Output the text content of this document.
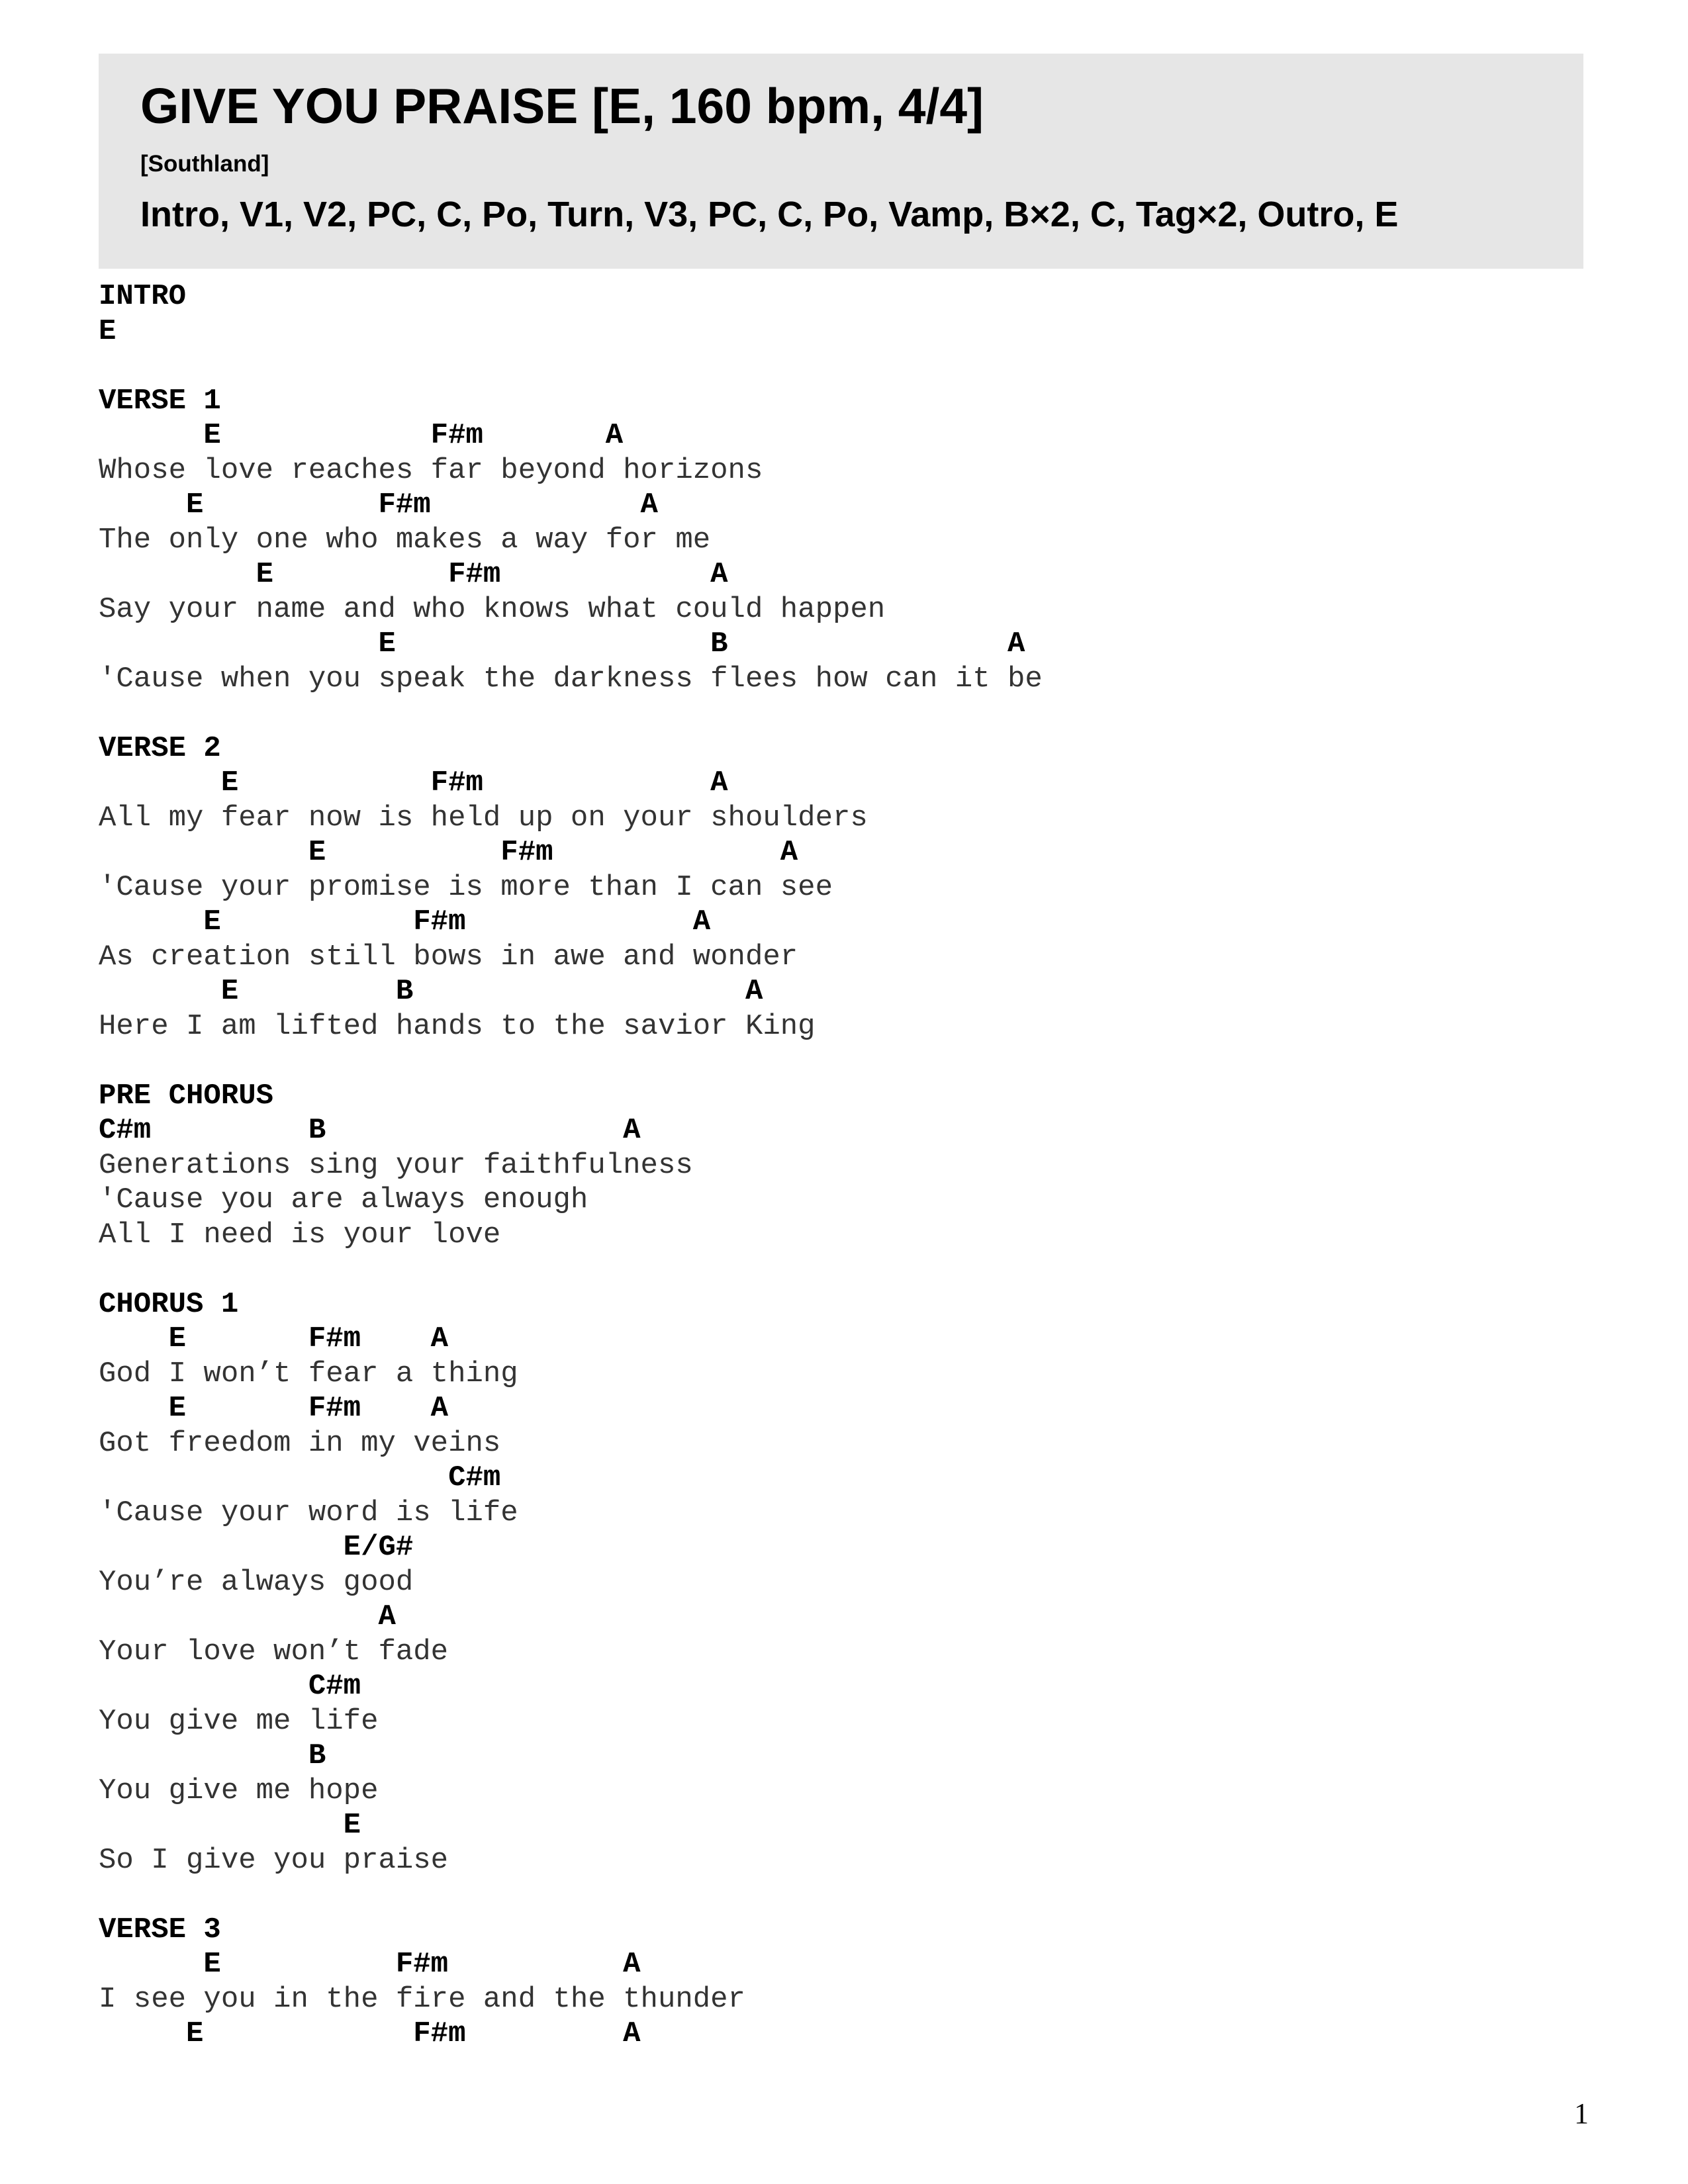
GIVE YOU PRAISE [E, 160 bpm, 4/4]
[Southland]
Intro, V1, V2, PC, C, Po, Turn, V3, PC, C, Po, Vamp, B×2, C, Tag×2, Outro, E
INTRO
E
VERSE 1
E            F#m       A
Whose love reaches far beyond horizons
E          F#m            A
The only one who makes a way for me
E          F#m            A
Say your name and who knows what could happen
E                  B                A
'Cause when you speak the darkness flees how can it be
VERSE 2
E           F#m             A
All my fear now is held up on your shoulders
E          F#m             A
'Cause your promise is more than I can see
E           F#m             A
As creation still bows in awe and wonder
E         B                   A
Here I am lifted hands to the savior King
PRE CHORUS
C#m         B                 A
Generations sing your faithfulness
'Cause you are always enough
All I need is your love
CHORUS 1
E       F#m    A
God I won’t fear a thing
E       F#m    A
Got freedom in my veins
C#m
'Cause your word is life
E/G#
You’re always good
A
Your love won’t fade
C#m
You give me life
B
You give me hope
E
So I give you praise
VERSE 3
E          F#m          A
I see you in the fire and the thunder
E            F#m         A
1
